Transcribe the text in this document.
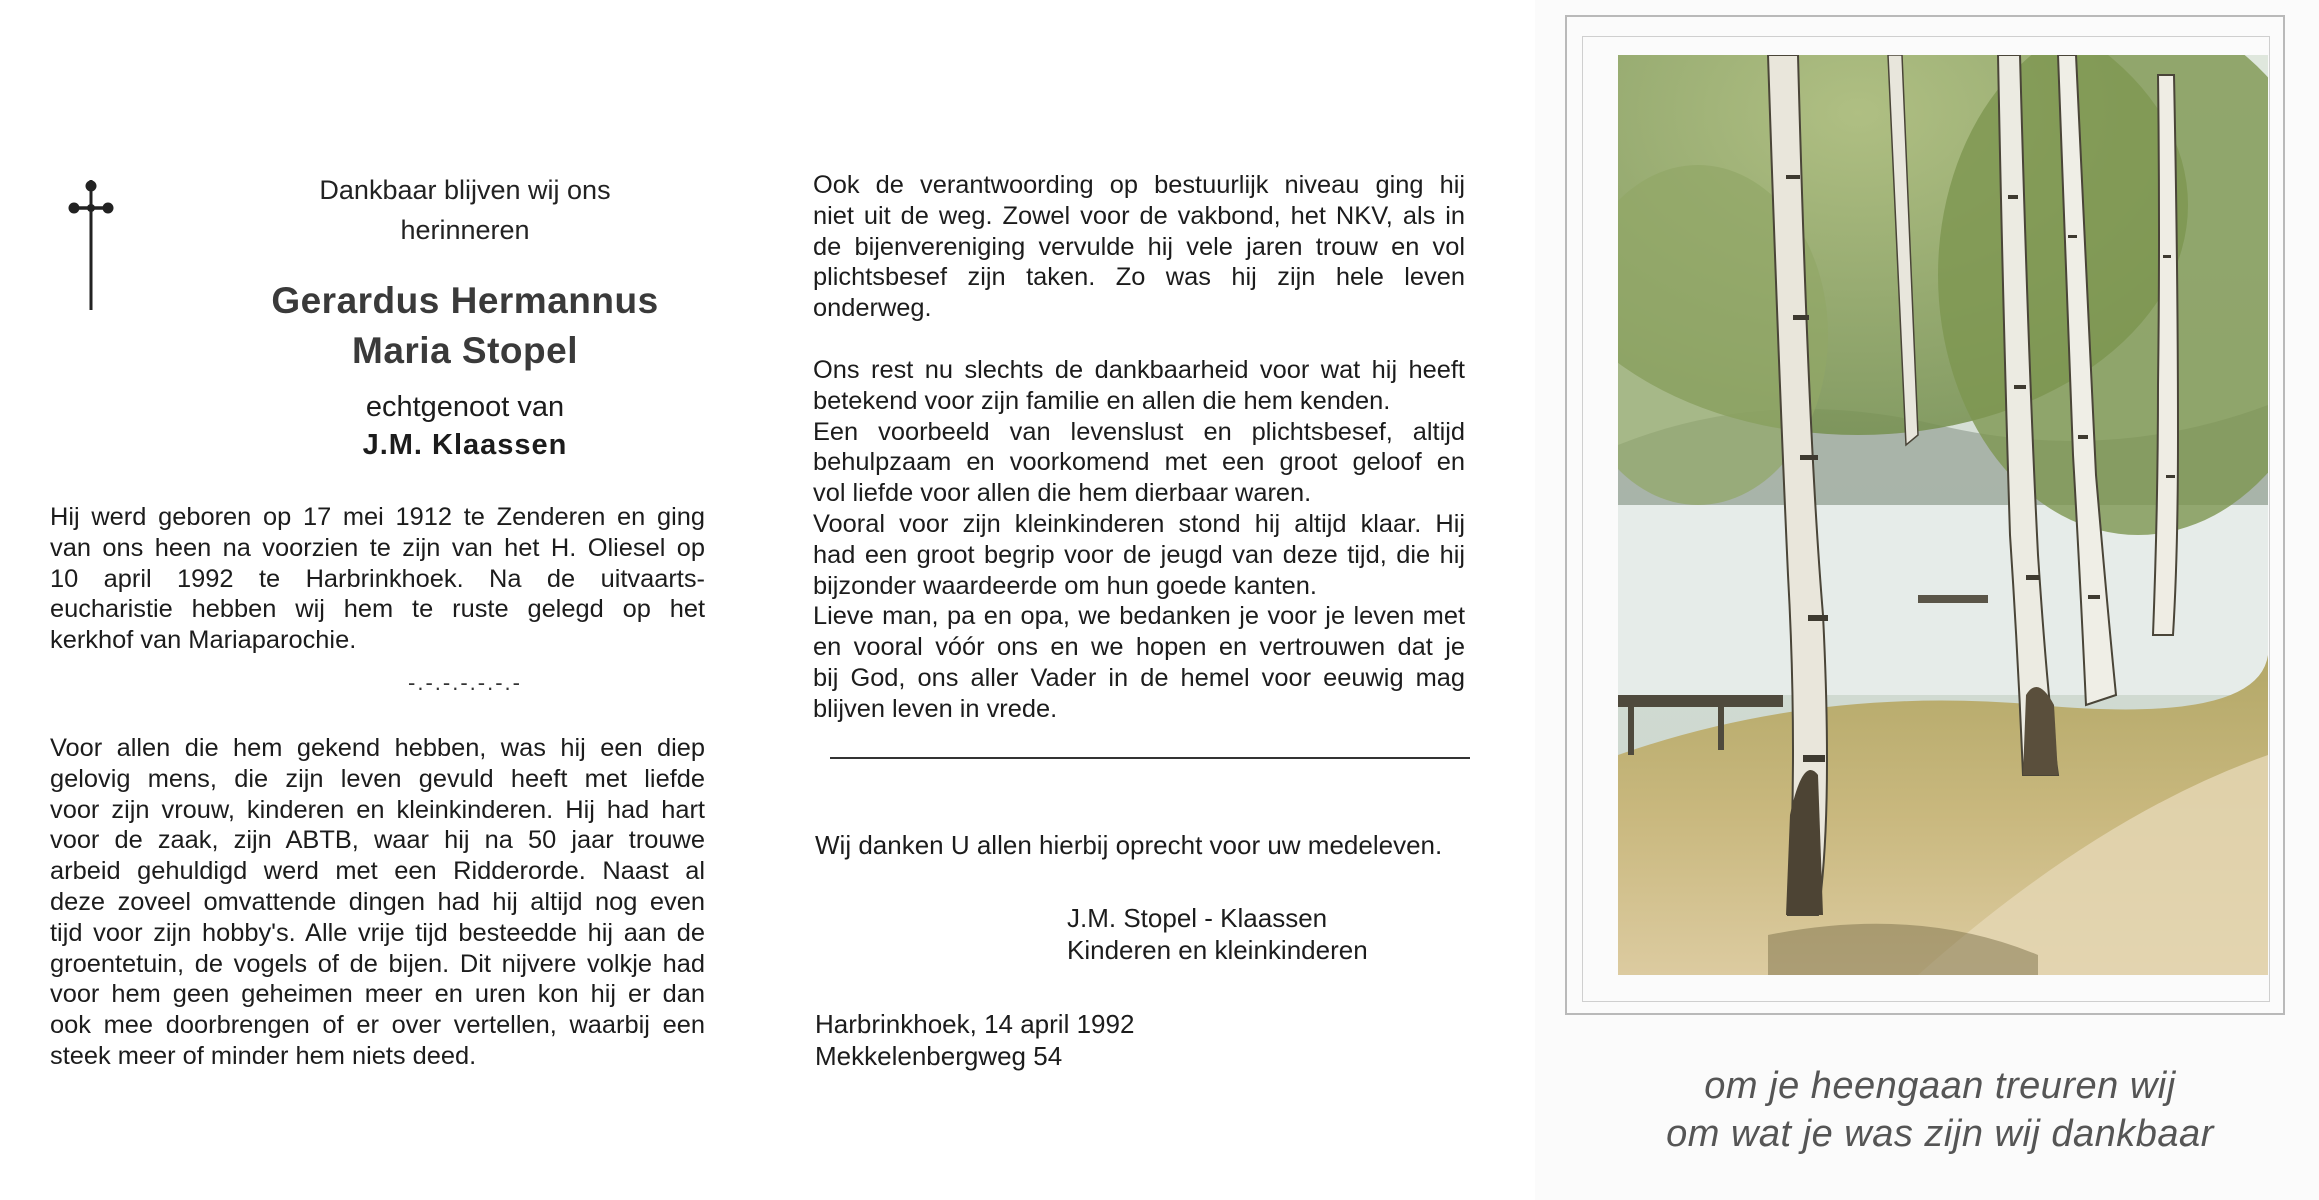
Dankbaar blijven wij ons
herinneren
Gerardus Hermannus
Maria Stopel
echtgenoot van
J.M. Klaassen
Hij werd geboren op 17 mei 1912 te Zenderen en ging
van ons heen na voorzien te zijn van het H. Oliesel op
10 april 1992 te Harbrinkhoek. Na de uitvaarts-
eucharistie hebben wij hem te ruste gelegd op het
kerkhof van Mariaparochie.
-.-.-.-.-.-.-
Voor allen die hem gekend hebben, was hij een diep
gelovig mens, die zijn leven gevuld heeft met liefde
voor zijn vrouw, kinderen en kleinkinderen. Hij had hart
voor de zaak, zijn ABTB, waar hij na 50 jaar trouwe
arbeid gehuldigd werd met een Ridderorde. Naast al
deze zoveel omvattende dingen had hij altijd nog even
tijd voor zijn hobby's. Alle vrije tijd besteedde hij aan de
groentetuin, de vogels of de bijen. Dit nijvere volkje had
voor hem geen geheimen meer en uren kon hij er dan
ook mee doorbrengen of er over vertellen, waarbij een
steek meer of minder hem niets deed.
Ook de verantwoording op bestuurlijk niveau ging hij
niet uit de weg. Zowel voor de vakbond, het NKV, als in
de bijenvereniging vervulde hij vele jaren trouw en vol
plichtsbesef zijn taken. Zo was hij zijn hele leven
onderweg.
Ons rest nu slechts de dankbaarheid voor wat hij heeft
betekend voor zijn familie en allen die hem kenden.
Een voorbeeld van levenslust en plichtsbesef, altijd
behulpzaam en voorkomend met een groot geloof en
vol liefde voor allen die hem dierbaar waren.
Vooral voor zijn kleinkinderen stond hij altijd klaar. Hij
had een groot begrip voor de jeugd van deze tijd, die hij
bijzonder waardeerde om hun goede kanten.
Lieve man, pa en opa, we bedanken je voor je leven met
en vooral vóór ons en we hopen en vertrouwen dat je
bij God, ons aller Vader in de hemel voor eeuwig mag
blijven leven in vrede.
Wij danken U allen hierbij oprecht voor uw medeleven.
J.M. Stopel - Klaassen
Kinderen en kleinkinderen
Harbrinkhoek, 14 april 1992
Mekkelenbergweg 54
om je heengaan treuren wij
om wat je was zijn wij dankbaar
